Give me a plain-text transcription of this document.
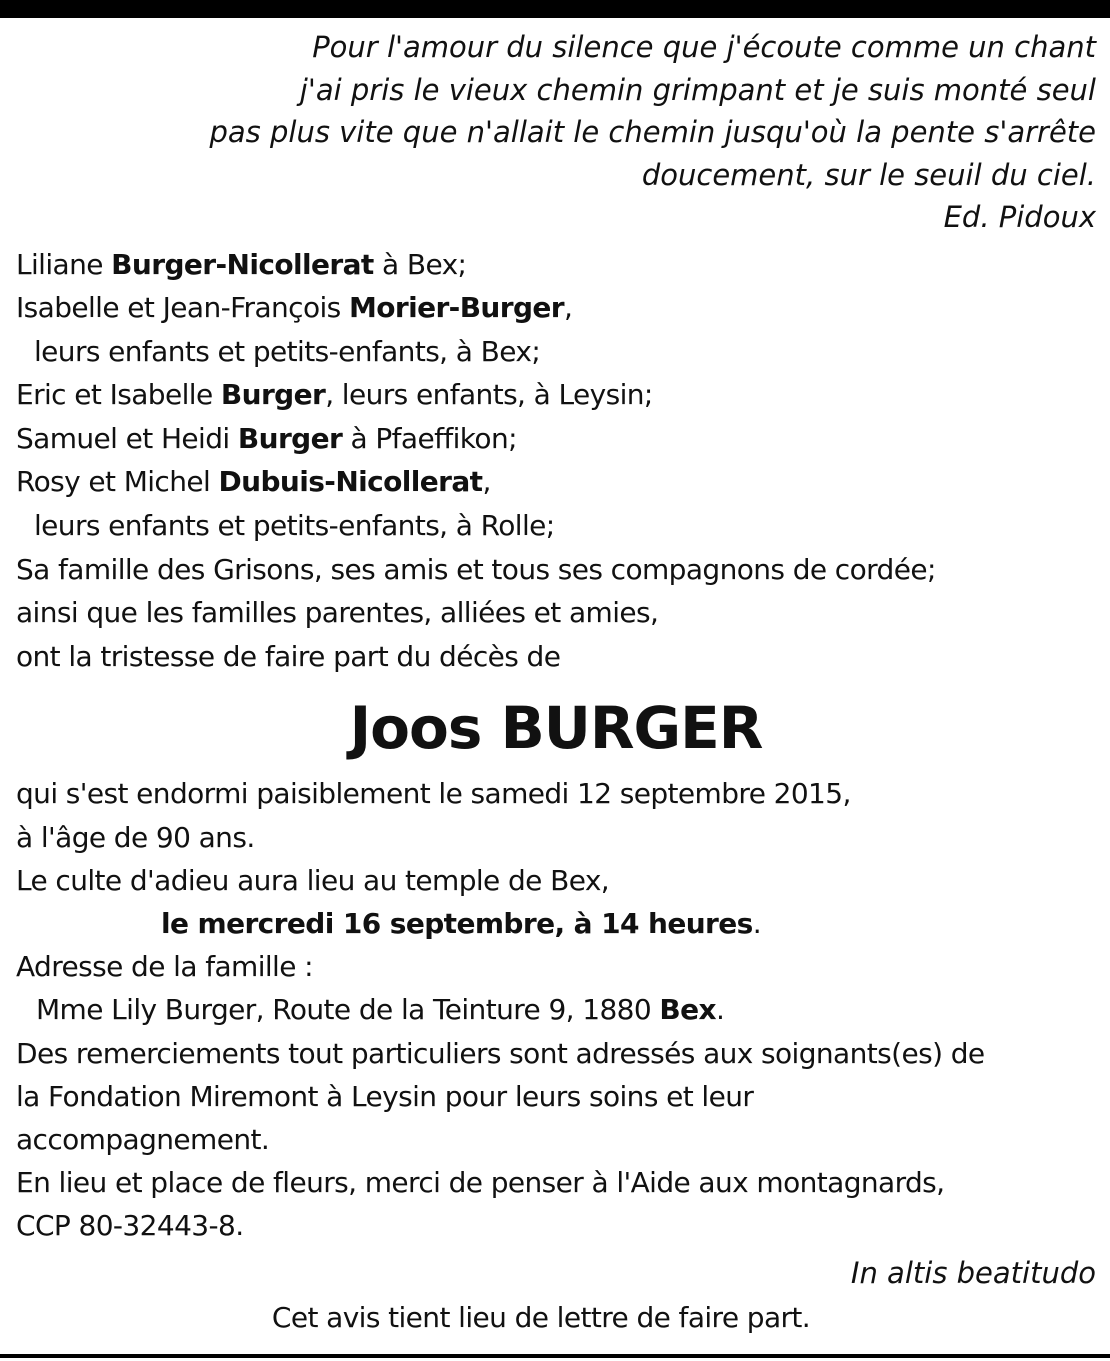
Pour l'amour du silence que j'écoute comme un chant
j'ai pris le vieux chemin grimpant et je suis monté seul
pas plus vite que n'allait le chemin jusqu'où la pente s'arrête
doucement, sur le seuil du ciel.
Ed. Pidoux
Liliane Burger-Nicollerat à Bex;
Isabelle et Jean-François Morier-Burger,
leurs enfants et petits-enfants, à Bex;
Eric et Isabelle Burger, leurs enfants, à Leysin;
Samuel et Heidi Burger à Pfaeffikon;
Rosy et Michel Dubuis-Nicollerat,
leurs enfants et petits-enfants, à Rolle;
Sa famille des Grisons, ses amis et tous ses compagnons de cordée;
ainsi que les familles parentes, alliées et amies,
ont la tristesse de faire part du décès de
Joos BURGER
qui s'est endormi paisiblement le samedi 12 septembre 2015,
à l'âge de 90 ans.
Le culte d'adieu aura lieu au temple de Bex,
le mercredi 16 septembre, à 14 heures.
Adresse de la famille :
Mme Lily Burger, Route de la Teinture 9, 1880 Bex.
Des remerciements tout particuliers sont adressés aux soignants(es) de
la Fondation Miremont à Leysin pour leurs soins et leur
accompagnement.
En lieu et place de fleurs, merci de penser à l'Aide aux montagnards,
CCP 80-32443-8.
In altis beatitudo
Cet avis tient lieu de lettre de faire part.
